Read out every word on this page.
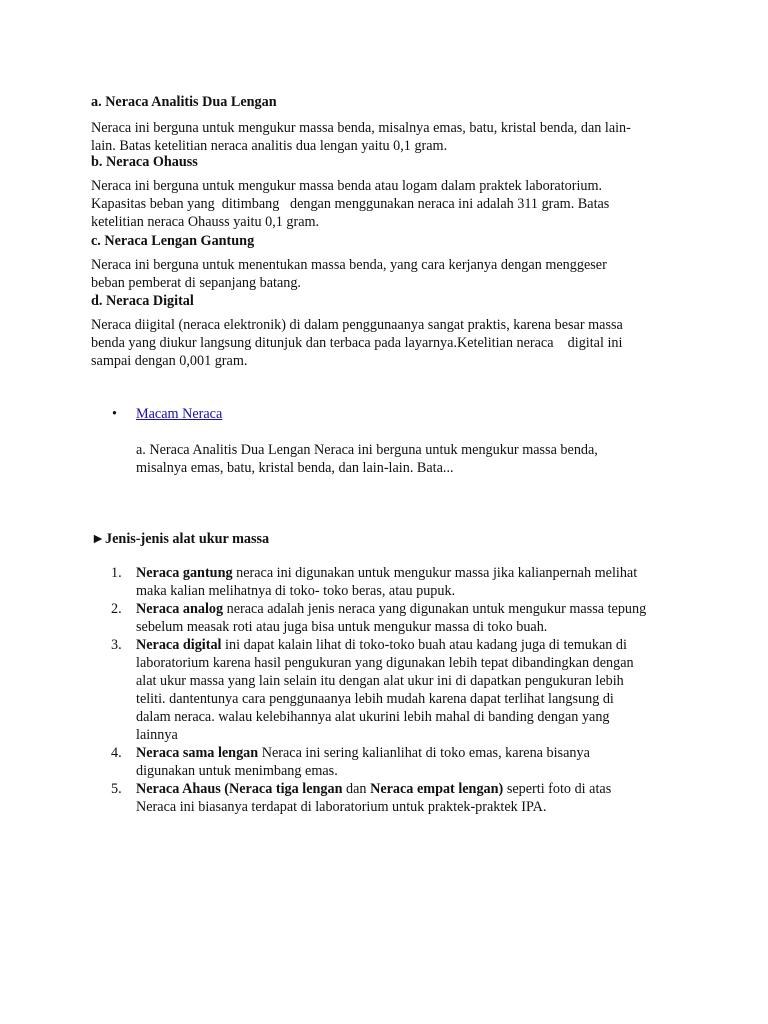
a. Neraca Analitis Dua Lengan
Neraca ini berguna untuk mengukur massa benda, misalnya emas, batu, kristal benda, dan lain-
lain. Batas ketelitian neraca analitis dua lengan yaitu 0,1 gram.
b. Neraca Ohauss
Neraca ini berguna untuk mengukur massa benda atau logam dalam praktek laboratorium.
Kapasitas beban yang  ditimbang   dengan menggunakan neraca ini adalah 311 gram. Batas
ketelitian neraca Ohauss yaitu 0,1 gram.
c. Neraca Lengan Gantung
Neraca ini berguna untuk menentukan massa benda, yang cara kerjanya dengan menggeser
beban pemberat di sepanjang batang.
d. Neraca Digital
Neraca diigital (neraca elektronik) di dalam penggunaanya sangat praktis, karena besar massa
benda yang diukur langsung ditunjuk dan terbaca pada layarnya.Ketelitian neraca    digital ini
sampai dengan 0,001 gram.
• Macam Neraca
a. Neraca Analitis Dua Lengan Neraca ini berguna untuk mengukur massa benda,
misalnya emas, batu, kristal benda, dan lain-lain. Bata...
►Jenis-jenis alat ukur massa
1. Neraca gantung neraca ini digunakan untuk mengukur massa jika kalianpernah melihat
maka kalian melihatnya di toko- toko beras, atau pupuk.
2. Neraca analog neraca adalah jenis neraca yang digunakan untuk mengukur massa tepung
sebelum measak roti atau juga bisa untuk mengukur massa di toko buah.
3. Neraca digital ini dapat kalain lihat di toko-toko buah atau kadang juga di temukan di
laboratorium karena hasil pengukuran yang digunakan lebih tepat dibandingkan dengan
alat ukur massa yang lain selain itu dengan alat ukur ini di dapatkan pengukuran lebih
teliti. dantentunya cara penggunaanya lebih mudah karena dapat terlihat langsung di
dalam neraca. walau kelebihannya alat ukurini lebih mahal di banding dengan yang
lainnya
4. Neraca sama lengan Neraca ini sering kalianlihat di toko emas, karena bisanya
digunakan untuk menimbang emas.
5. Neraca Ahaus (Neraca tiga lengan dan Neraca empat lengan) seperti foto di atas
Neraca ini biasanya terdapat di laboratorium untuk praktek-praktek IPA.
